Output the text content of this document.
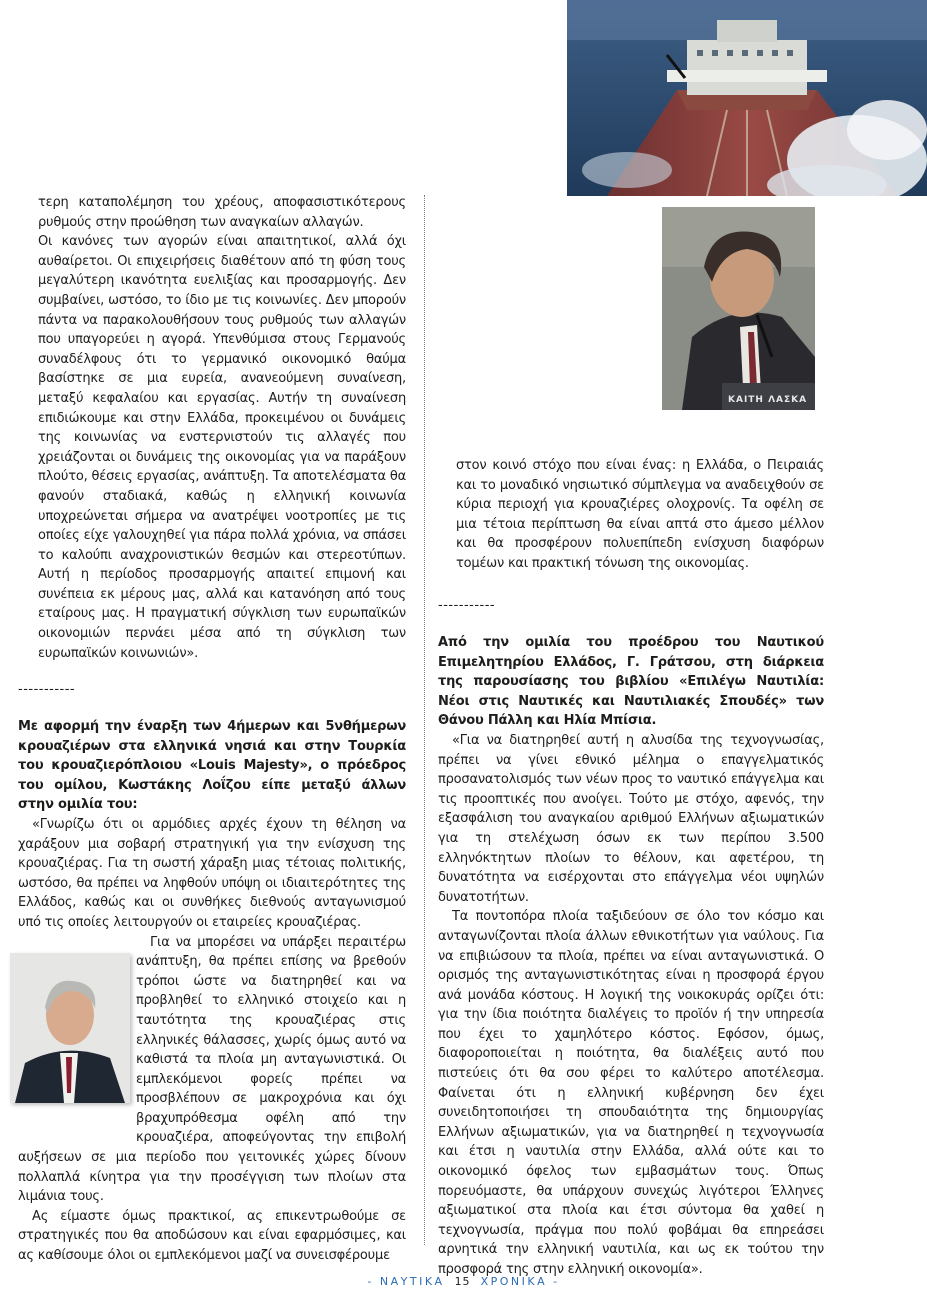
ΚΑΙΤΗ ΛΑΣΚΑ

τερη καταπολέμηση του χρέους, αποφασιστικότερους ρυθμούς στην προώθηση των αναγκαίων αλλαγών.

Οι κανόνες των αγορών είναι απαιτητικοί, αλλά όχι αυθαίρετοι. Οι επιχειρήσεις διαθέτουν από τη φύση τους μεγαλύτερη ικανότητα ευελιξίας και προσαρμογής. Δεν συμβαίνει, ωστόσο, το ίδιο με τις κοινωνίες. Δεν μπορούν πάντα να παρακολουθήσουν τους ρυθμούς των αλλαγών που υπαγορεύει η αγορά. Υπενθύμισα στους Γερμανούς συναδέλφους ότι το γερμανικό οικονομικό θαύμα βασίστηκε σε μια ευρεία, ανανεούμενη συναίνεση, μεταξύ κεφαλαίου και εργασίας. Αυτήν τη συναίνεση επιδιώκουμε και στην Ελλάδα, προκειμένου οι δυνάμεις της κοινωνίας να ενστερνιστούν τις αλλαγές που χρειάζονται οι δυνάμεις της οικονομίας για να παράξουν πλούτο, θέσεις εργασίας, ανάπτυξη. Τα αποτελέσματα θα φανούν σταδιακά, καθώς η ελληνική κοινωνία υποχρεώνεται σήμερα να ανατρέψει νοοτροπίες με τις οποίες είχε γαλουχηθεί για πάρα πολλά χρόνια, να σπάσει το καλούπι αναχρονιστικών θεσμών και στερεοτύπων. Αυτή η περίοδος προσαρμογής απαιτεί επιμονή και συνέπεια εκ μέρους μας, αλλά και κατανόηση από τους εταίρους μας. Η πραγματική σύγκλιση των ευρωπαϊκών οικονομιών περνάει μέσα από τη σύγκλιση των ευρωπαϊκών κοινωνιών».

-----------

Με αφορμή την έναρξη των 4ήμερων και 5νθήμερων κρουαζιέρων στα ελληνικά νησιά και στην Τουρκία του κρουαζιερόπλοιου «Louis Majesty», ο πρόεδρος του ομίλου, Κωστάκης Λοΐζου είπε μεταξύ άλλων στην ομιλία του:

«Γνωρίζω ότι οι αρμόδιες αρχές έχουν τη θέληση να χαράξουν μια σοβαρή στρατηγική για την ενίσχυση της κρουαζιέρας. Για τη σωστή χάραξη μιας τέτοιας πολιτικής, ωστόσο, θα πρέπει να ληφθούν υπόψη οι ιδιαιτερότητες της Ελλάδος, καθώς και οι συνθήκες διεθνούς ανταγωνισμού υπό τις οποίες λειτουργούν οι εταιρείες κρουαζιέρας.

Για να μπορέσει να υπάρξει περαιτέρω ανάπτυξη, θα πρέπει επίσης να βρεθούν τρόποι ώστε να διατηρηθεί και να προβληθεί το ελληνικό στοιχείο και η ταυτότητα της κρουαζιέρας στις ελληνικές θάλασσες, χωρίς όμως αυτό να καθιστά τα πλοία μη ανταγωνιστικά. Οι εμπλεκόμενοι φορείς πρέπει να προσβλέπουν σε μακροχρόνια και όχι βραχυπρόθεσμα οφέλη από την κρουαζιέρα, αποφεύγοντας την επιβολή αυξήσεων σε μια περίοδο που γειτονικές χώρες δίνουν πολλαπλά κίνητρα για την προσέγγιση των πλοίων στα λιμάνια τους.

Ας είμαστε όμως πρακτικοί, ας επικεντρωθούμε σε στρατηγικές που θα αποδώσουν και είναι εφαρμόσιμες, και ας καθίσουμε όλοι οι εμπλεκόμενοι μαζί να συνεισφέρουμε

στον κοινό στόχο που είναι ένας: η Ελλάδα, ο Πειραιάς και το μοναδικό νησιωτικό σύμπλεγμα να αναδειχθούν σε κύρια περιοχή για κρουαζιέρες ολοχρονίς. Τα οφέλη σε μια τέτοια περίπτωση θα είναι απτά στο άμεσο μέλλον και θα προσφέρουν πολυεπίπεδη ενίσχυση διαφόρων τομέων και πρακτική τόνωση της οικονομίας.

-----------

Από την ομιλία του προέδρου του Ναυτικού Επιμελητηρίου Ελλάδος, Γ. Γράτσου, στη διάρκεια της παρουσίασης του βιβλίου «Επιλέγω Ναυτιλία: Νέοι στις Ναυτικές και Ναυτιλιακές Σπουδές» των Θάνου Πάλλη και Ηλία Μπίσια.

«Για να διατηρηθεί αυτή η αλυσίδα της τεχνογνωσίας, πρέπει να γίνει εθνικό μέλημα ο επαγγελματικός προσανατολισμός των νέων προς το ναυτικό επάγγελμα και τις προοπτικές που ανοίγει. Τούτο με στόχο, αφενός, την εξασφάλιση του αναγκαίου αριθμού Ελλήνων αξιωματικών για τη στελέχωση όσων εκ των περίπου 3.500 ελληνόκτητων πλοίων το θέλουν, και αφετέρου, τη δυνατότητα να εισέρχονται στο επάγγελμα νέοι υψηλών δυνατοτήτων.

Τα ποντοπόρα πλοία ταξιδεύουν σε όλο τον κόσμο και ανταγωνίζονται πλοία άλλων εθνικοτήτων για ναύλους. Για να επιβιώσουν τα πλοία, πρέπει να είναι ανταγωνιστικά. Ο ορισμός της ανταγωνιστικότητας είναι η προσφορά έργου ανά μονάδα κόστους. Η λογική της νοικοκυράς ορίζει ότι: για την ίδια ποιότητα διαλέγεις το προϊόν ή την υπηρεσία που έχει το χαμηλότερο κόστος. Εφόσον, όμως, διαφοροποιείται η ποιότητα, θα διαλέξεις αυτό που πιστεύεις ότι θα σου φέρει το καλύτερο αποτέλεσμα. Φαίνεται ότι η ελληνική κυβέρνηση δεν έχει συνειδητοποιήσει τη σπουδαιότητα της δημιουργίας Ελλήνων αξιωματικών, για να διατηρηθεί η τεχνογνωσία και έτσι η ναυτιλία στην Ελλάδα, αλλά ούτε και το οικονομικό όφελος των εμβασμάτων τους. Όπως πορευόμαστε, θα υπάρχουν συνεχώς λιγότεροι Έλληνες αξιωματικοί στα πλοία και έτσι σύντομα θα χαθεί η τεχνογνωσία, πράγμα που πολύ φοβάμαι θα επηρεάσει αρνητικά την ελληνική ναυτιλία, και ως εκ τούτου την προσφορά της στην ελληνική οικονομία».

- ΝΑΥΤΙΚΑ 15 ΧΡΟΝΙΚΑ -
